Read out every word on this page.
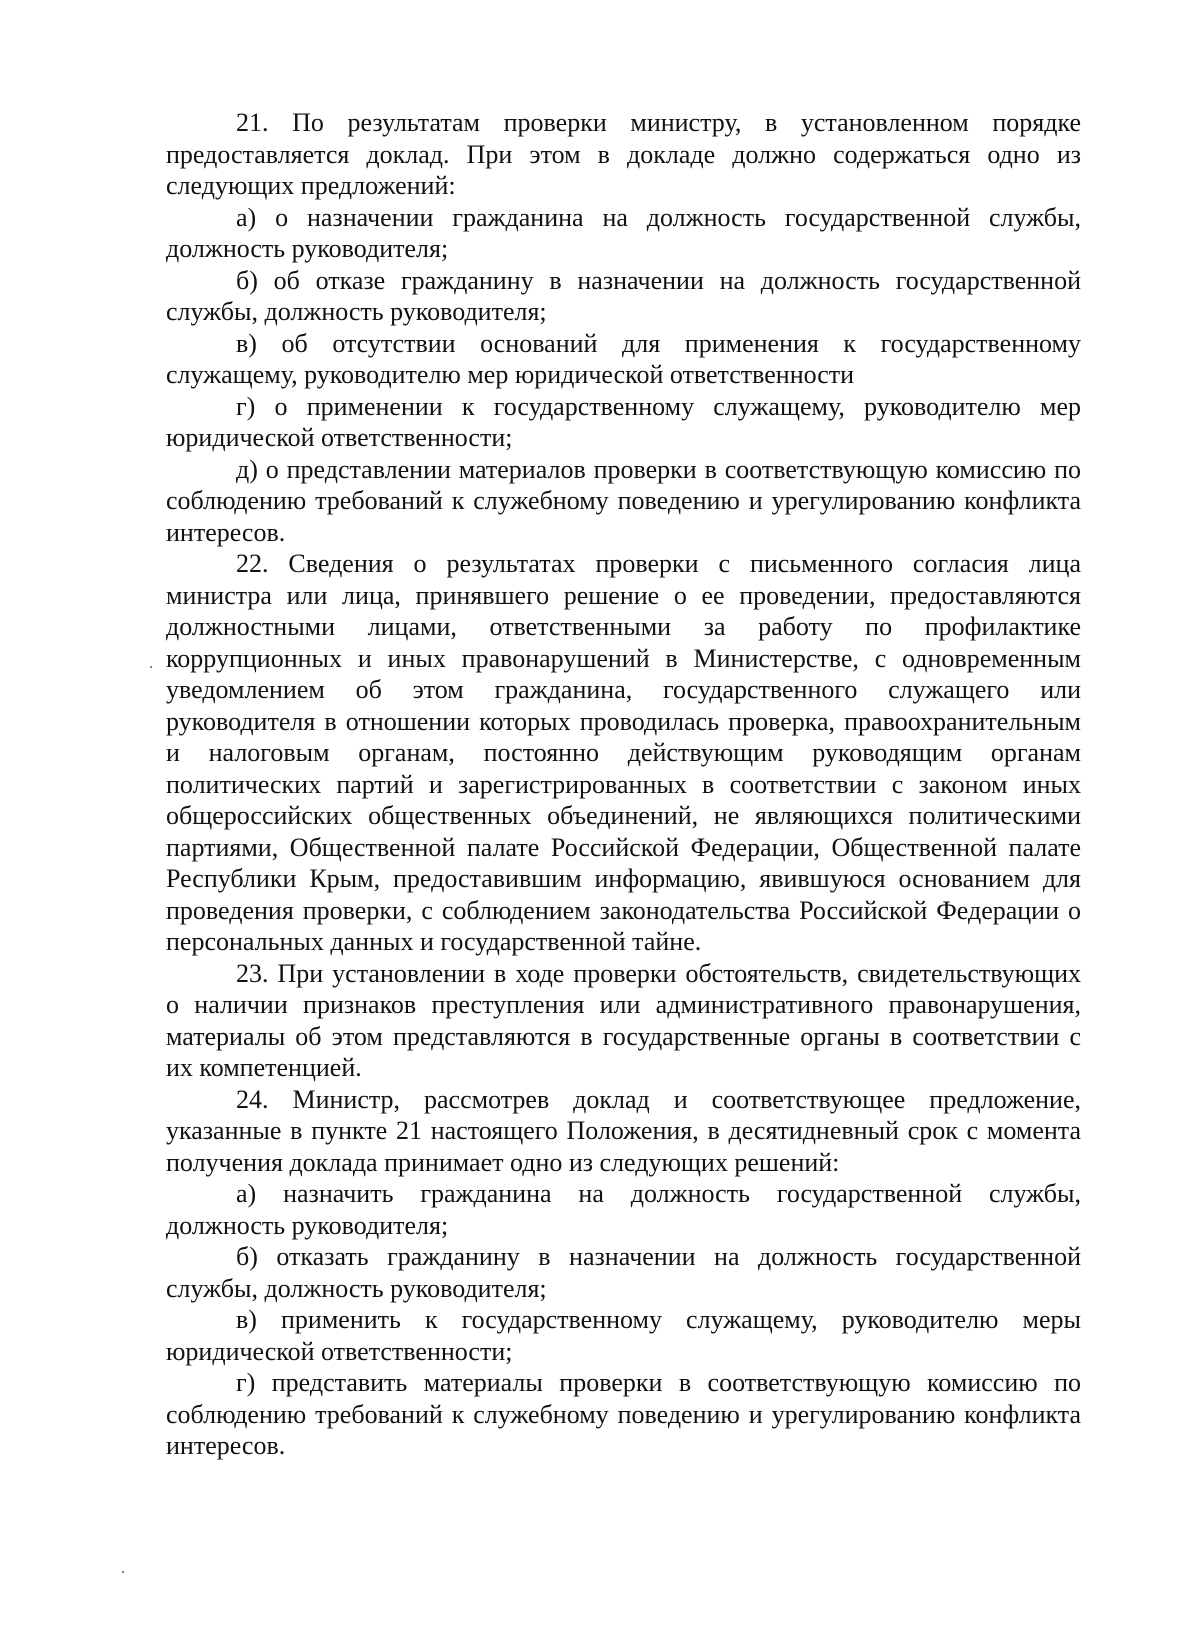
21. По результатам проверки министру, в установленном порядке предоставляется доклад. При этом в докладе должно содержаться одно из следующих предложений:

а) о назначении гражданина на должность государственной службы, должность руководителя;

б) об отказе гражданину в назначении на должность государственной службы, должность руководителя;

в) об отсутствии оснований для применения к государственному служащему, руководителю мер юридической ответственности

г) о применении к государственному служащему, руководителю мер юридической ответственности;

д) о представлении материалов проверки в соответствующую комиссию по соблюдению требований к служебному поведению и урегулированию конфликта интересов.

22. Сведения о результатах проверки с письменного согласия лица министра или лица, принявшего решение о ее проведении, предоставляются должностными лицами, ответственными за работу по профилактике коррупционных и иных правонарушений в Министерстве, с одновременным уведомлением об этом гражданина, государственного служащего или руководителя в отношении которых проводилась проверка, правоохранительным и налоговым органам, постоянно действующим руководящим органам политических партий и зарегистрированных в соответствии с законом иных общероссийских общественных объединений, не являющихся политическими партиями, Общественной палате Российской Федерации, Общественной палате Республики Крым, предоставившим информацию, явившуюся основанием для проведения проверки, с соблюдением законодательства Российской Федерации о персональных данных и государственной тайне.

23. При установлении в ходе проверки обстоятельств, свидетельствующих о наличии признаков преступления или административного правонарушения, материалы об этом представляются в государственные органы в соответствии с их компетенцией.

24. Министр, рассмотрев доклад и соответствующее предложение, указанные в пункте 21 настоящего Положения, в десятидневный срок с момента получения доклада принимает одно из следующих решений:

а) назначить гражданина на должность государственной службы, должность руководителя;

б) отказать гражданину в назначении на должность государственной службы, должность руководителя;

в) применить к государственному служащему, руководителю меры юридической ответственности;

г) представить материалы проверки в соответствующую комиссию по соблюдению требований к служебному поведению и урегулированию конфликта интересов.
